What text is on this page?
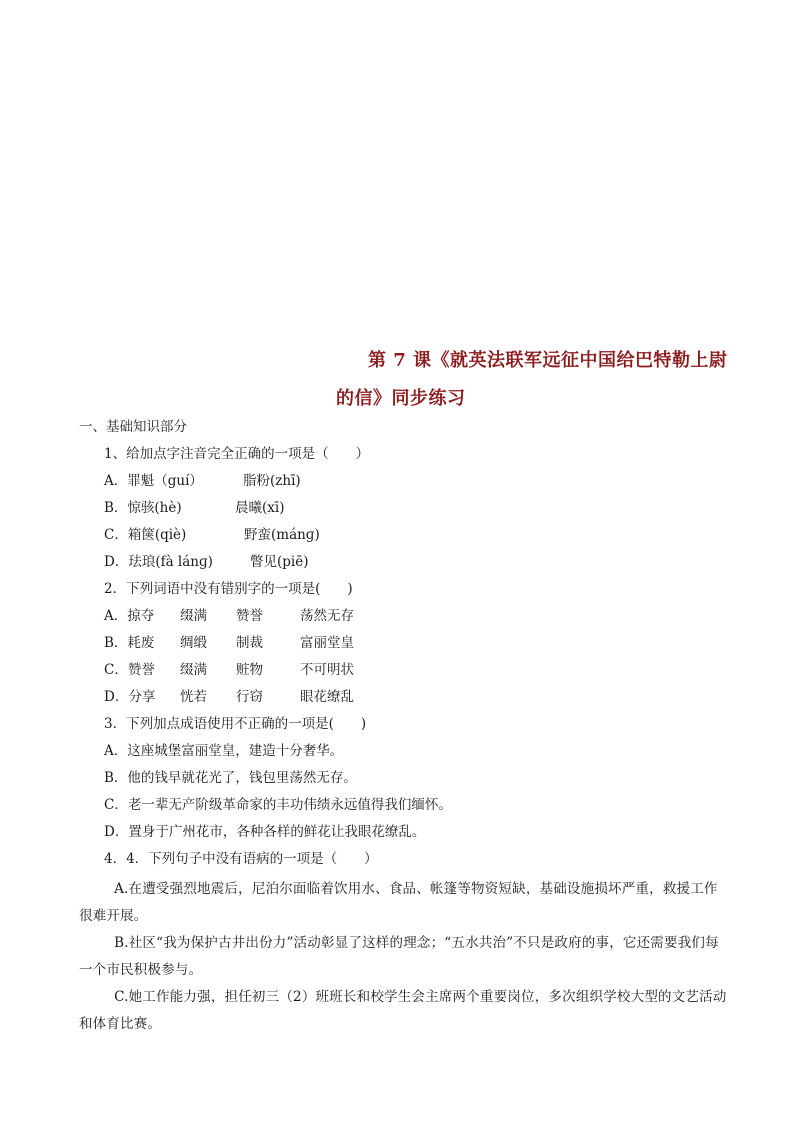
第 7 课《就英法联军远征中国给巴特勒上尉
的信》同步练习
一、基础知识部分
1、给加点字注音完全正确的一项是（　　）
A．罪魁（guí）	脂粉(zhī)
B．惊骇(hè)	晨曦(xī)
C．箱箧(qiè)	野蛮(mánɡ)
D．珐琅(fà lánɡ)	瞥见(piē)
2．下列词语中没有错别字的一项是(　　)
A．掠夺 缀满 赞誉	荡然无存
B．耗废 绸缎 制裁	富丽堂皇
C．赞誉 缀满 赃物	不可明状
D．分享 恍若 行窃	眼花缭乱
3．下列加点成语使用不正确的一项是(　　)
A．这座城堡富丽堂皇，建造十分奢华。
B．他的钱早就花光了，钱包里荡然无存。
C．老一辈无产阶级革命家的丰功伟绩永远值得我们缅怀。
D．置身于广州花市，各种各样的鲜花让我眼花缭乱。
4．4．下列句子中没有语病的一项是（　　）
A.在遭受强烈地震后，尼泊尔面临着饮用水、食品、帐篷等物资短缺，基础设施损坏严重，救援工作很难开展。
B.社区“我为保护古井出份力”活动彰显了这样的理念；“五水共治”不只是政府的事，它还需要我们每一个市民积极参与。
C.她工作能力强，担任初三（2）班班长和校学生会主席两个重要岗位，多次组织学校大型的文艺活动和体育比赛。
